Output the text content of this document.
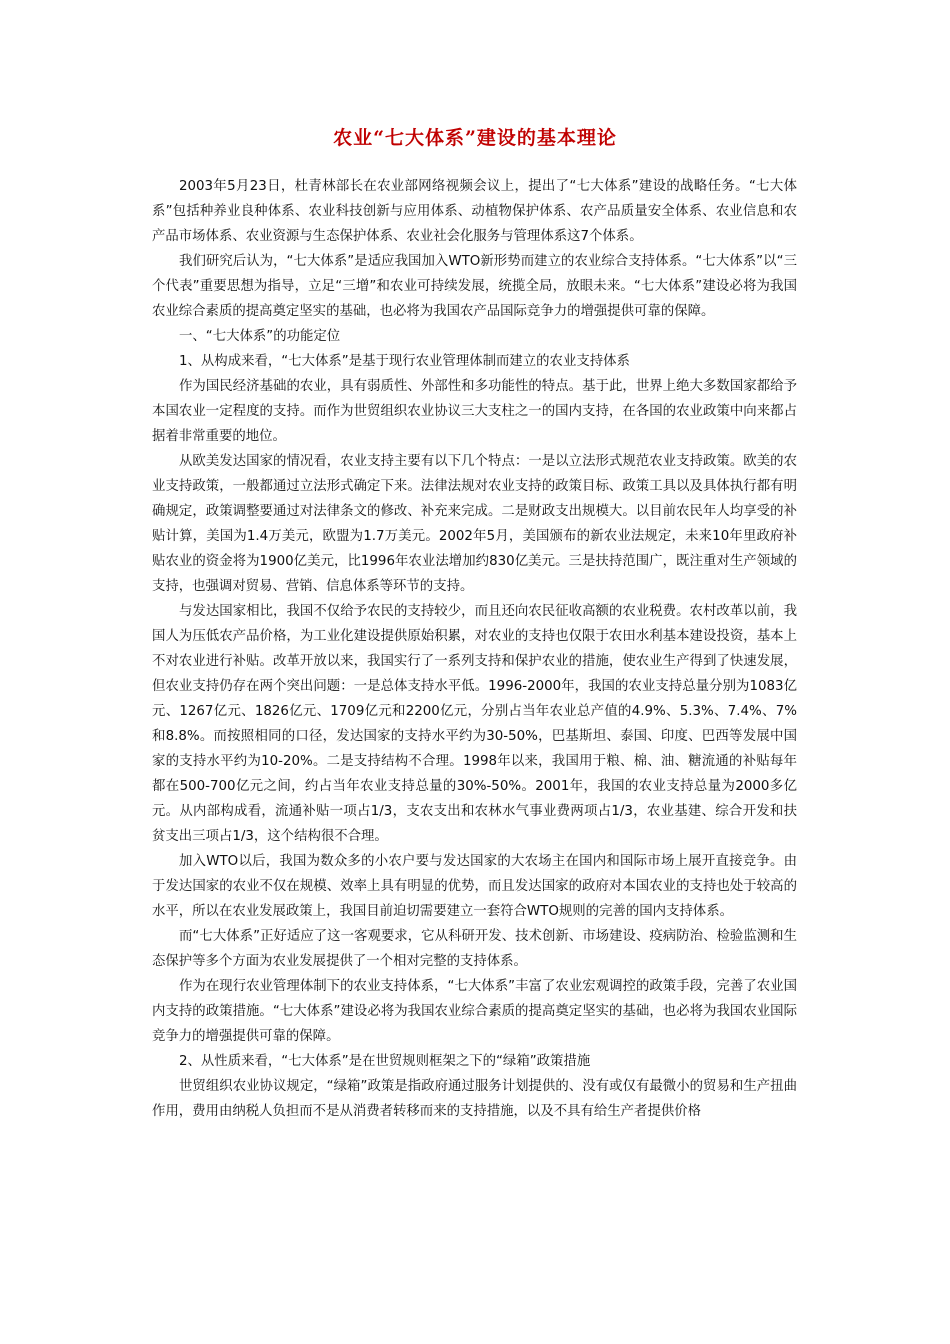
农业“七大体系”建设的基本理论

2003年5月23日，杜青林部长在农业部网络视频会议上，提出了“七大体系”建设的战略任务。“七大体系”包括种养业良种体系、农业科技创新与应用体系、动植物保护体系、农产品质量安全体系、农业信息和农产品市场体系、农业资源与生态保护体系、农业社会化服务与管理体系这7个体系。

我们研究后认为，“七大体系”是适应我国加入WTO新形势而建立的农业综合支持体系。“七大体系”以“三个代表”重要思想为指导，立足“三增”和农业可持续发展，统揽全局，放眼未来。“七大体系”建设必将为我国农业综合素质的提高奠定坚实的基础，也必将为我国农产品国际竞争力的增强提供可靠的保障。

一、“七大体系”的功能定位

1、从构成来看，“七大体系”是基于现行农业管理体制而建立的农业支持体系

作为国民经济基础的农业，具有弱质性、外部性和多功能性的特点。基于此，世界上绝大多数国家都给予本国农业一定程度的支持。而作为世贸组织农业协议三大支柱之一的国内支持，在各国的农业政策中向来都占据着非常重要的地位。

从欧美发达国家的情况看，农业支持主要有以下几个特点：一是以立法形式规范农业支持政策。欧美的农业支持政策，一般都通过立法形式确定下来。法律法规对农业支持的政策目标、政策工具以及具体执行都有明确规定，政策调整要通过对法律条文的修改、补充来完成。二是财政支出规模大。以目前农民年人均享受的补贴计算，美国为1.4万美元，欧盟为1.7万美元。2002年5月，美国颁布的新农业法规定，未来10年里政府补贴农业的资金将为1900亿美元，比1996年农业法增加约830亿美元。三是扶持范围广，既注重对生产领域的支持，也强调对贸易、营销、信息体系等环节的支持。

与发达国家相比，我国不仅给予农民的支持较少，而且还向农民征收高额的农业税费。农村改革以前，我国人为压低农产品价格，为工业化建设提供原始积累，对农业的支持也仅限于农田水利基本建设投资，基本上不对农业进行补贴。改革开放以来，我国实行了一系列支持和保护农业的措施，使农业生产得到了快速发展，但农业支持仍存在两个突出问题：一是总体支持水平低。1996-2000年，我国的农业支持总量分别为1083亿元、1267亿元、1826亿元、1709亿元和2200亿元，分别占当年农业总产值的4.9%、5.3%、7.4%、7%和8.8%。而按照相同的口径，发达国家的支持水平约为30-50%，巴基斯坦、泰国、印度、巴西等发展中国家的支持水平约为10-20%。二是支持结构不合理。1998年以来，我国用于粮、棉、油、糖流通的补贴每年都在500-700亿元之间，约占当年农业支持总量的30%-50%。2001年，我国的农业支持总量为2000多亿元。从内部构成看，流通补贴一项占1/3，支农支出和农林水气事业费两项占1/3，农业基建、综合开发和扶贫支出三项占1/3，这个结构很不合理。

加入WTO以后，我国为数众多的小农户要与发达国家的大农场主在国内和国际市场上展开直接竞争。由于发达国家的农业不仅在规模、效率上具有明显的优势，而且发达国家的政府对本国农业的支持也处于较高的水平，所以在农业发展政策上，我国目前迫切需要建立一套符合WTO规则的完善的国内支持体系。

而“七大体系”正好适应了这一客观要求，它从科研开发、技术创新、市场建设、疫病防治、检验监测和生态保护等多个方面为农业发展提供了一个相对完整的支持体系。

作为在现行农业管理体制下的农业支持体系，“七大体系”丰富了农业宏观调控的政策手段，完善了农业国内支持的政策措施。“七大体系”建设必将为我国农业综合素质的提高奠定坚实的基础，也必将为我国农业国际竞争力的增强提供可靠的保障。

2、从性质来看，“七大体系”是在世贸规则框架之下的“绿箱”政策措施

世贸组织农业协议规定，“绿箱”政策是指政府通过服务计划提供的、没有或仅有最微小的贸易和生产扭曲作用，费用由纳税人负担而不是从消费者转移而来的支持措施，以及不具有给生产者提供价格
